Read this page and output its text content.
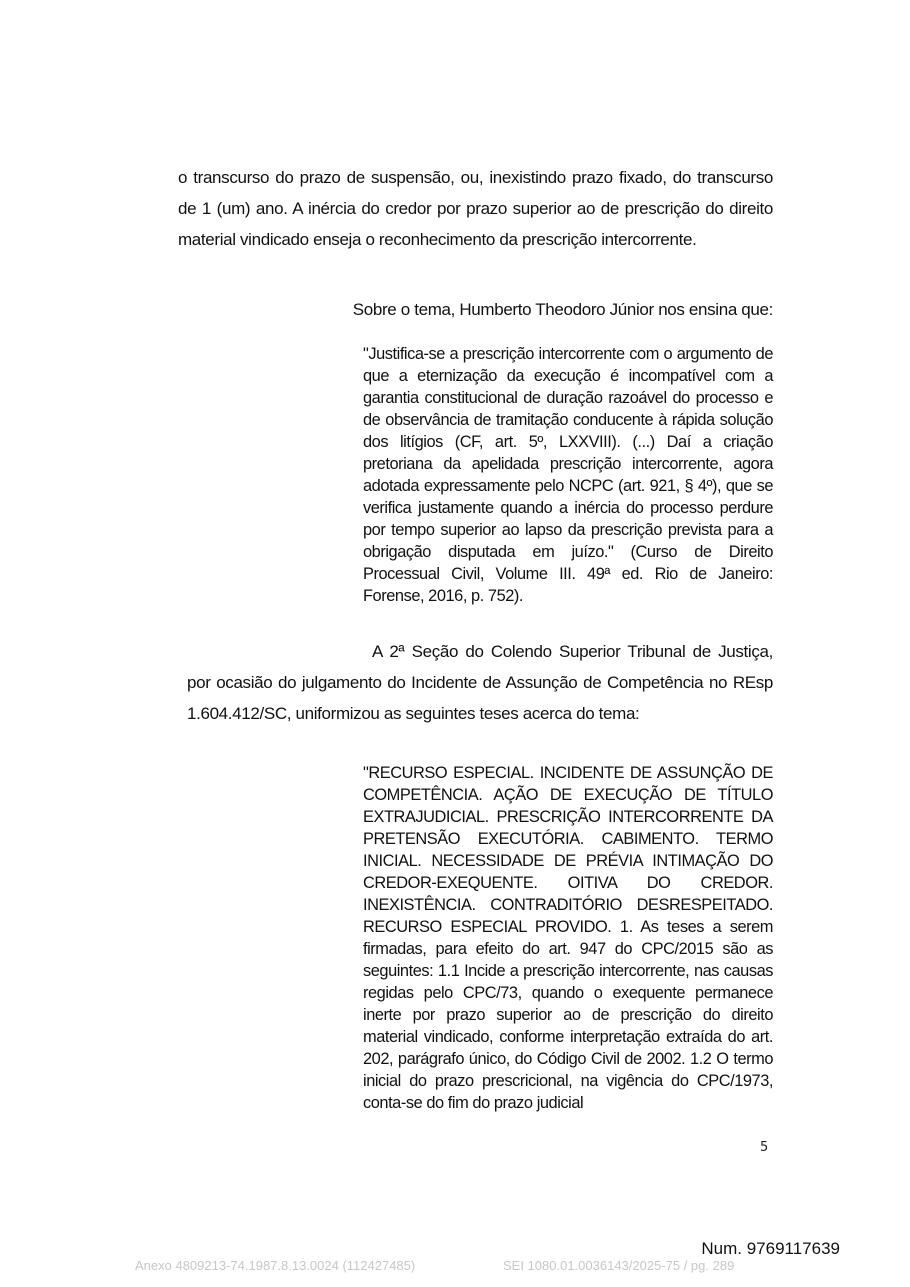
o transcurso do prazo de suspensão, ou, inexistindo prazo fixado, do transcurso de 1 (um) ano. A inércia do credor por prazo superior ao de prescrição do direito material vindicado enseja o reconhecimento da prescrição intercorrente.

Sobre o tema, Humberto Theodoro Júnior nos ensina que:

"Justifica-se a prescrição intercorrente com o argumento de que a eternização da execução é incompatível com a garantia constitucional de duração razoável do processo e de observância de tramitação conducente à rápida solução dos litígios (CF, art. 5º, LXXVIII). (...) Daí a criação pretoriana da apelidada prescrição intercorrente, agora adotada expressamente pelo NCPC (art. 921, § 4º), que se verifica justamente quando a inércia do processo perdure por tempo superior ao lapso da prescrição prevista para a obrigação disputada em juízo." (Curso de Direito Processual Civil, Volume III. 49ª ed. Rio de Janeiro: Forense, 2016, p. 752).

A 2ª Seção do Colendo Superior Tribunal de Justiça, por ocasião do julgamento do Incidente de Assunção de Competência no REsp 1.604.412/SC, uniformizou as seguintes teses acerca do tema:

"RECURSO ESPECIAL. INCIDENTE DE ASSUNÇÃO DE COMPETÊNCIA. AÇÃO DE EXECUÇÃO DE TÍTULO EXTRAJUDICIAL. PRESCRIÇÃO INTERCORRENTE DA PRETENSÃO EXECUTÓRIA. CABIMENTO. TERMO INICIAL. NECESSIDADE DE PRÉVIA INTIMAÇÃO DO CREDOR-EXEQUENTE. OITIVA DO CREDOR. INEXISTÊNCIA. CONTRADITÓRIO DESRESPEITADO. RECURSO ESPECIAL PROVIDO. 1. As teses a serem firmadas, para efeito do art. 947 do CPC/2015 são as seguintes: 1.1 Incide a prescrição intercorrente, nas causas regidas pelo CPC/73, quando o exequente permanece inerte por prazo superior ao de prescrição do direito material vindicado, conforme interpretação extraída do art. 202, parágrafo único, do Código Civil de 2002. 1.2 O termo inicial do prazo prescricional, na vigência do CPC/1973, conta-se do fim do prazo judicial

5
Num. 9769117639
Anexo 4809213-74.1987.8.13.0024 (112427485)	SEI 1080.01.0036143/2025-75 / pg. 289
